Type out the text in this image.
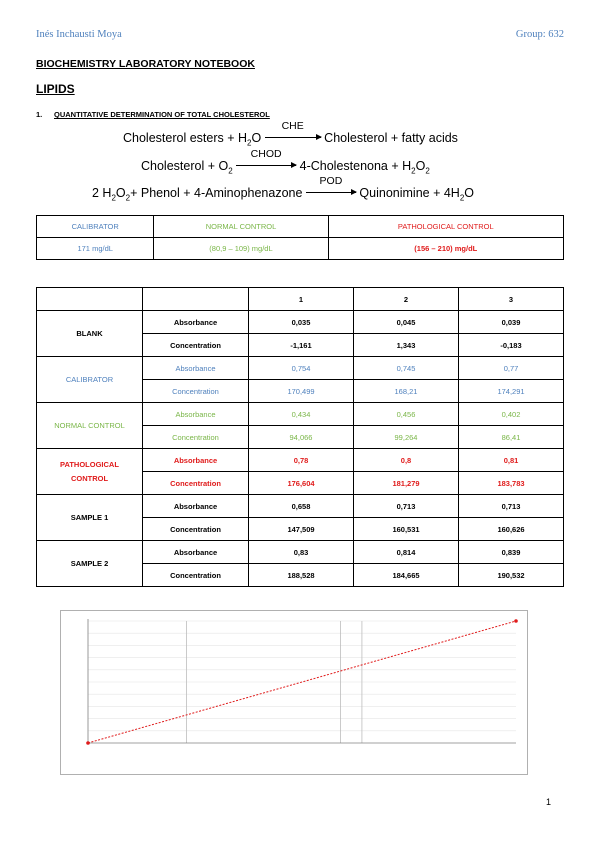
Inés Inchausti Moya	Group: 632
BIOCHEMISTRY LABORATORY NOTEBOOK
LIPIDS
1. QUANTITATIVE DETERMINATION OF TOTAL CHOLESTEROL
Cholesterol esters + $H_2O$
CHE
Cholesterol + fatty acids
Cholesterol + $O_2$
CHOD
4-Cholestenona + $H_2O_2$
2 $H_2O_2+$ Phenol + 4-Aminophenazone
POD
Quinonimine + $4H_2O$
CALIBRATOR	NORMAL CONTROL	PATHOLOGICAL CONTROL
171 mg/dL	(80,9 – 109) mg/dL	(156 – 210) mg/dL
		1	2	3
BLANK	Absorbance	0,035	0,045	0,039
	Concentration	-1,161	1,343	-0,183
CALIBRATOR	Absorbance	0,754	0,745	0,77
	Concentration	170,499	168,21	174,291
NORMAL CONTROL	Absorbance	0,434	0,456	0,402
	Concentration	94,066	99,264	86,41
PATHOLOGICAL
CONTROL	Absorbance	0,78	0,8	0,81
	Concentration	176,604	181,279	183,783
SAMPLE 1	Absorbance	0,658	0,713	0,713
	Concentration	147,509	160,531	160,626
SAMPLE 2	Absorbance	0,83	0,814	0,839
	Concentration	188,528	184,665	190,532
1
